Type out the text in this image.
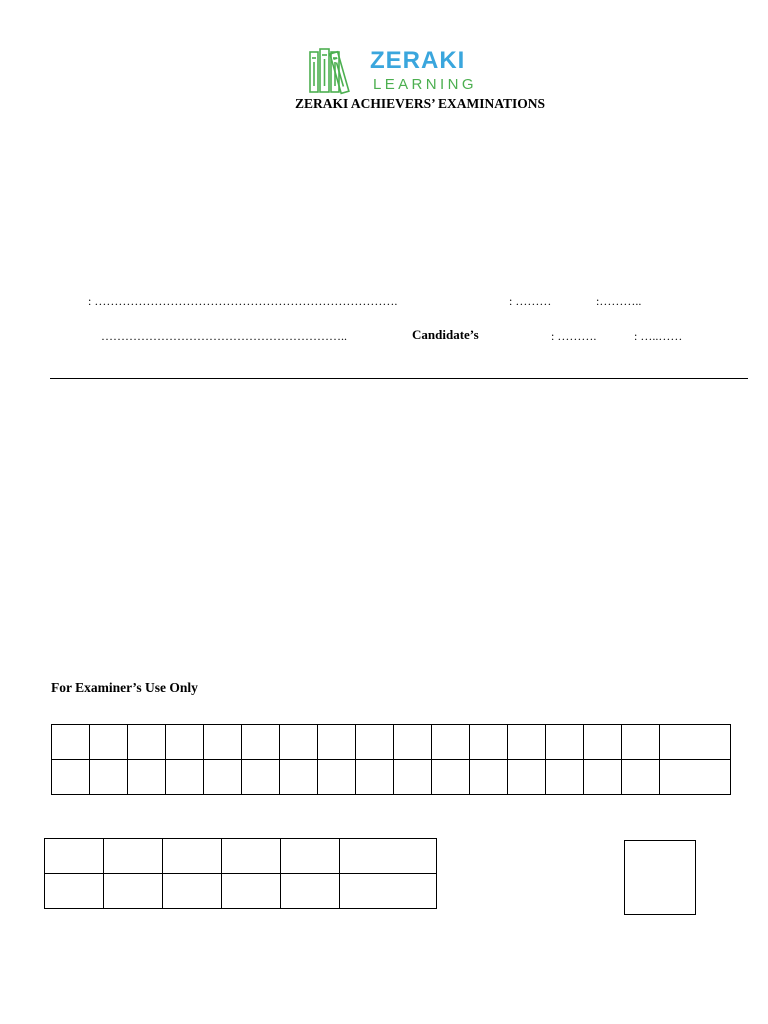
ZERAKI
LEARNING
ZERAKI ACHIEVERS’ EXAMINATIONS
: ………………………………………………………………….	: ………	:………..
……………………………………………………..	Candidate’s	: ……….	: …..……
For Examiner’s Use Only
